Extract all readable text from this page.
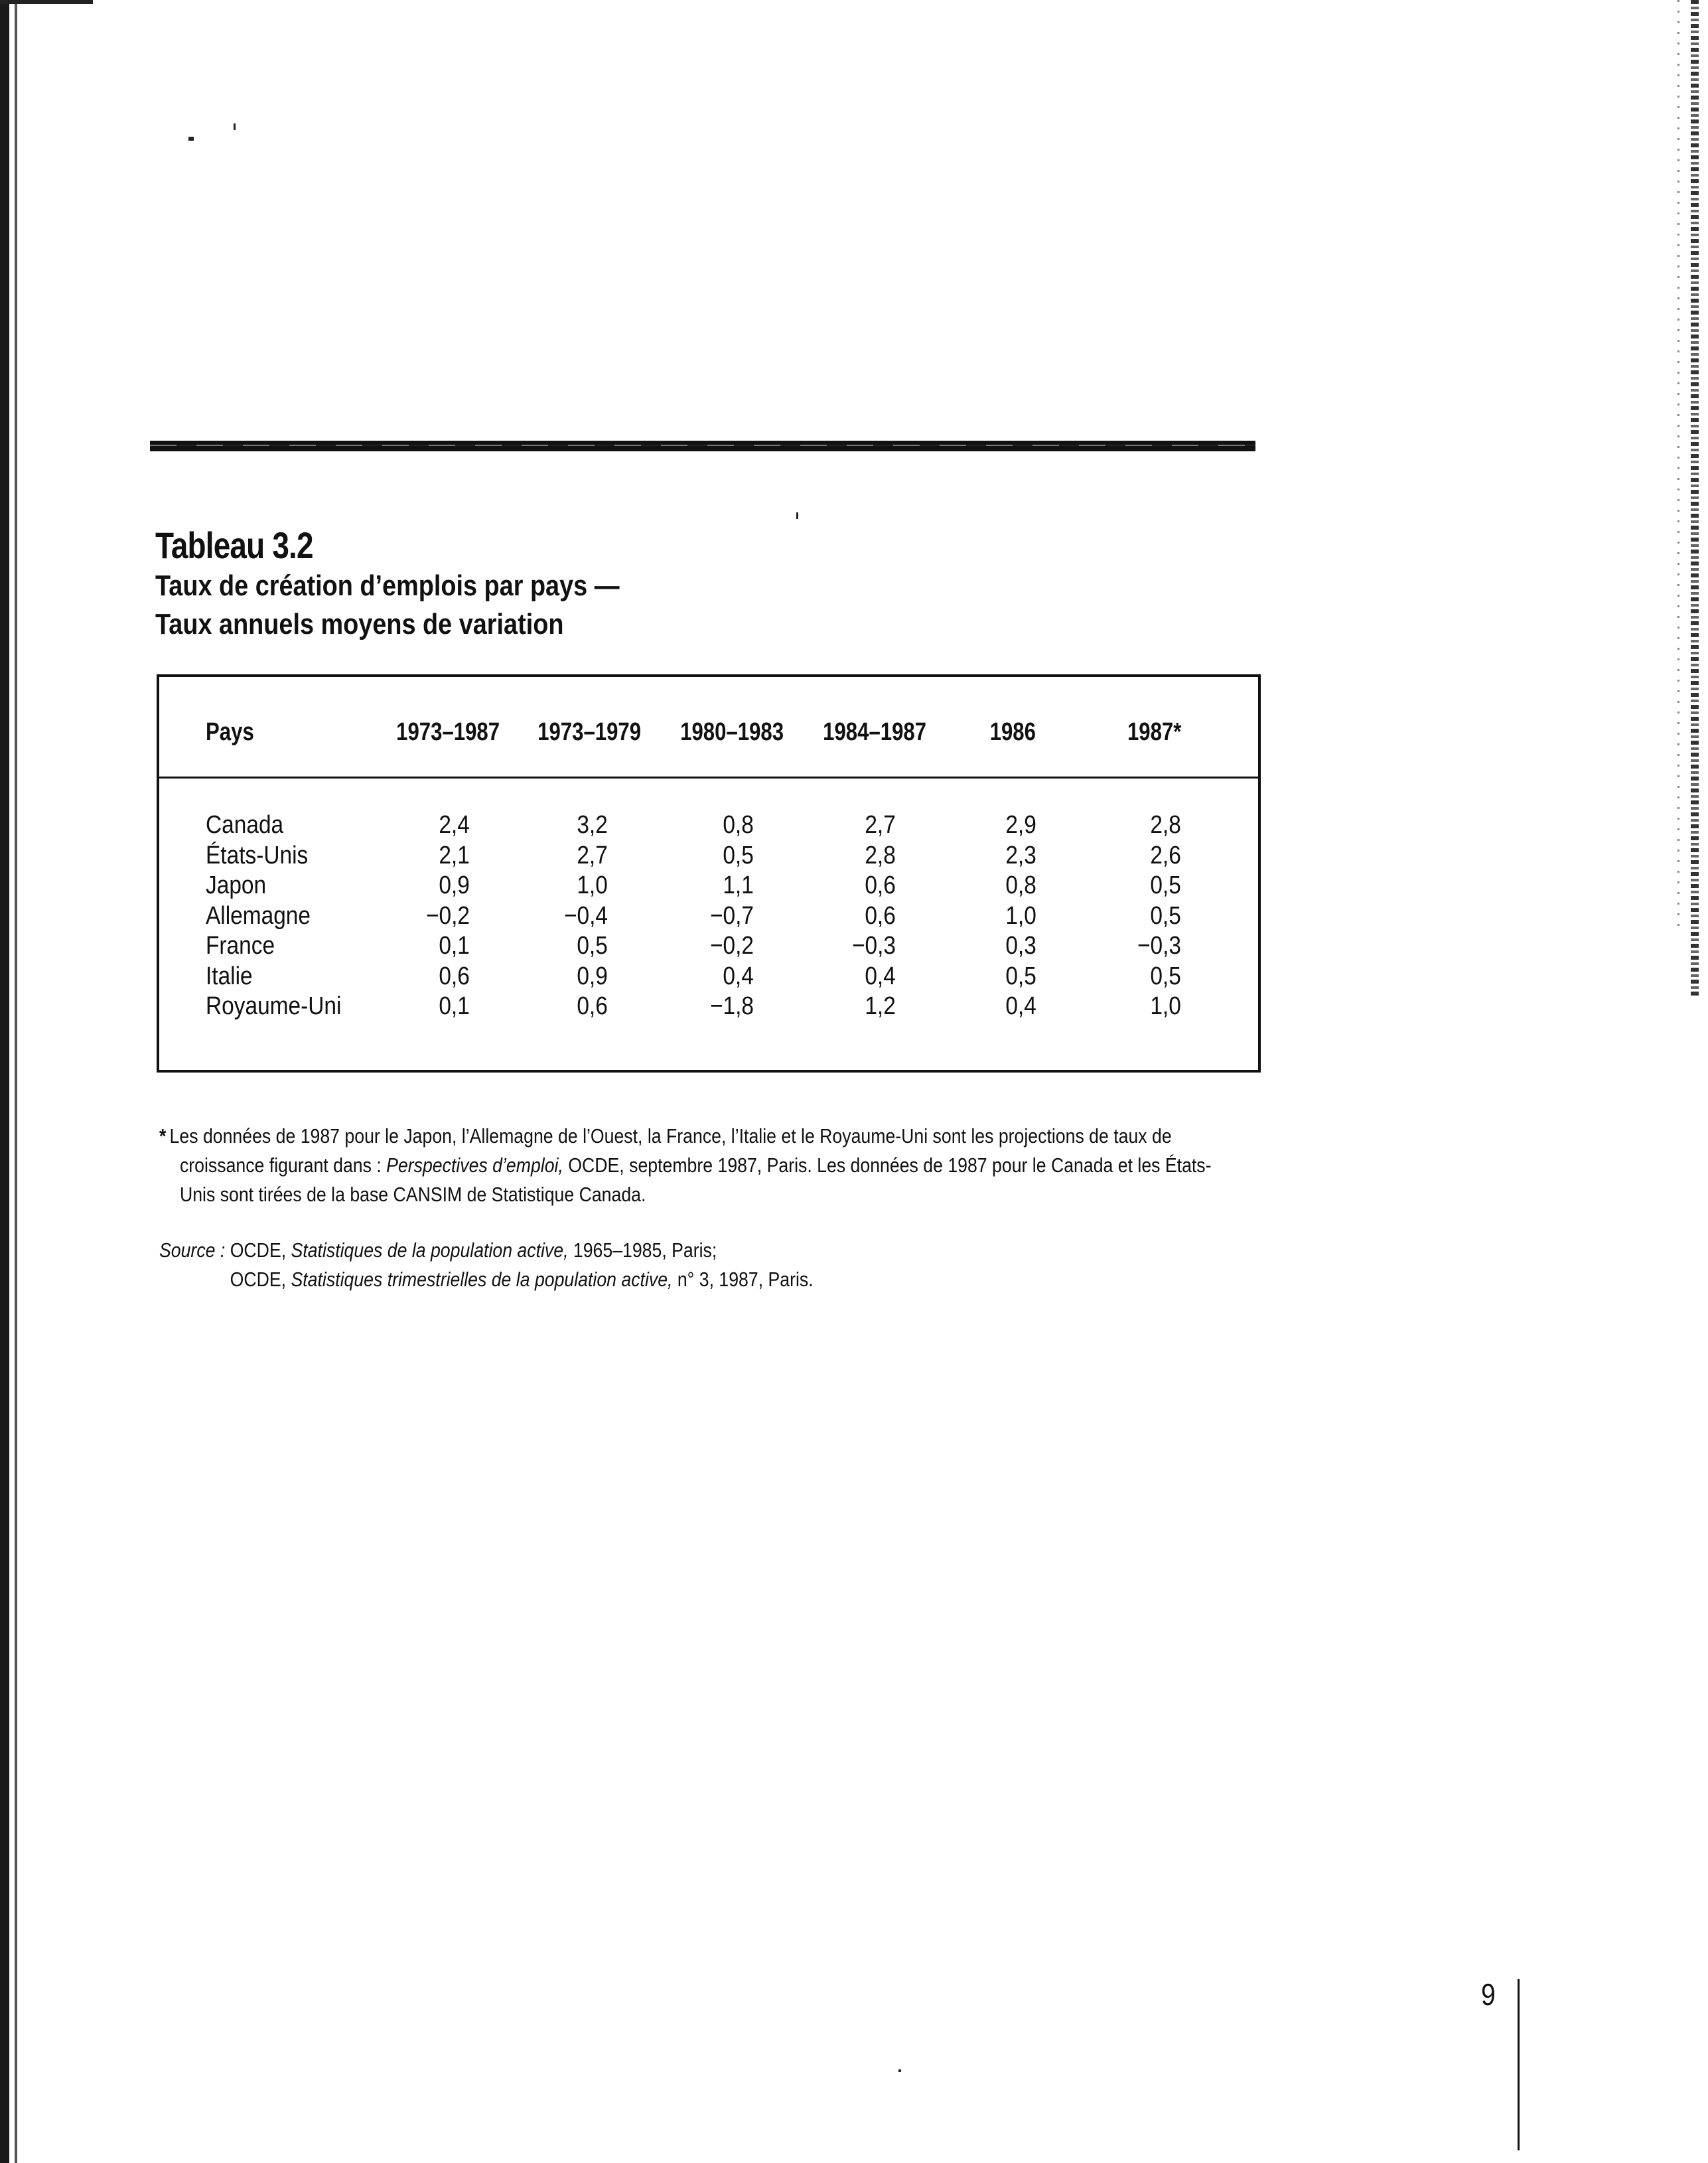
Tableau 3.2
Taux de création d’emplois par pays —
Taux annuels moyens de variation
Pays	1973–1987 1973–1979 1980–1983 1984–1987	1986	1987*
Canada	2,4	3,2	0,8	2,7	2,9	2,8
États-Unis	2,1	2,7	0,5	2,8	2,3	2,6
Japon	0,9	1,0	1,1	0,6	0,8	0,5
Allemagne	−0,2	−0,4	−0,7	0,6	1,0	0,5
France	0,1	0,5	−0,2	−0,3	0,3	−0,3
Italie	0,6	0,9	0,4	0,4	0,5	0,5
Royaume-Uni	0,1	0,6	−1,8	1,2	0,4	1,0
* Les données de 1987 pour le Japon, l’Allemagne de l’Ouest, la France, l’Italie et le Royaume-Uni sont les projections de taux de
croissance figurant dans : Perspectives d’emploi, OCDE, septembre 1987, Paris. Les données de 1987 pour le Canada et les États-
Unis sont tirées de la base CANSIM de Statistique Canada.
Source : OCDE, Statistiques de la population active, 1965–1985, Paris;
OCDE, Statistiques trimestrielles de la population active, n° 3, 1987, Paris.
9
